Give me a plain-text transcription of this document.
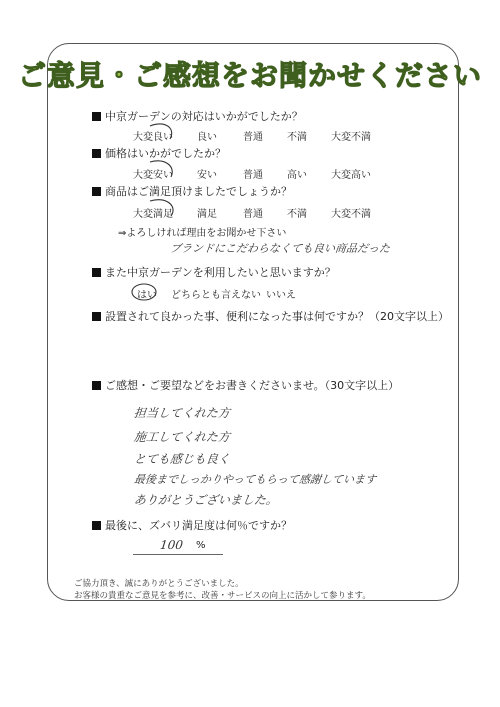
ご意見・ご感想をお聞かせください
中京ガーデンの対応はいかがでしたか？
大変良い 良い	普通 不満 大変不満
価格はいかがでしたか？
大変安い 安い	普通 高い 大変高い
商品はご満足頂けましたでしょうか？
大変満足 満足	普通 不満 大変不満
⇒よろしければ理由をお聞かせ下さい
ブランドにこだわらなくても良い商品だった
また中京ガーデンを利用したいと思いますか？
はい どちらとも言えない いいえ
設置されて良かった事、便利になった事は何ですか？（20文字以上）
ご感想・ご要望などをお書きくださいませ。（30文字以上）
担当してくれた方
施工してくれた方
とても感じも良く
最後までしっかりやってもらって感謝しています
ありがとうございました。
最後に、ズバリ満足度は何％ですか？
100 %
ご協力頂き、誠にありがとうございました。
お客様の貴重なご意見を参考に、改善・サービスの向上に活かして参ります。
